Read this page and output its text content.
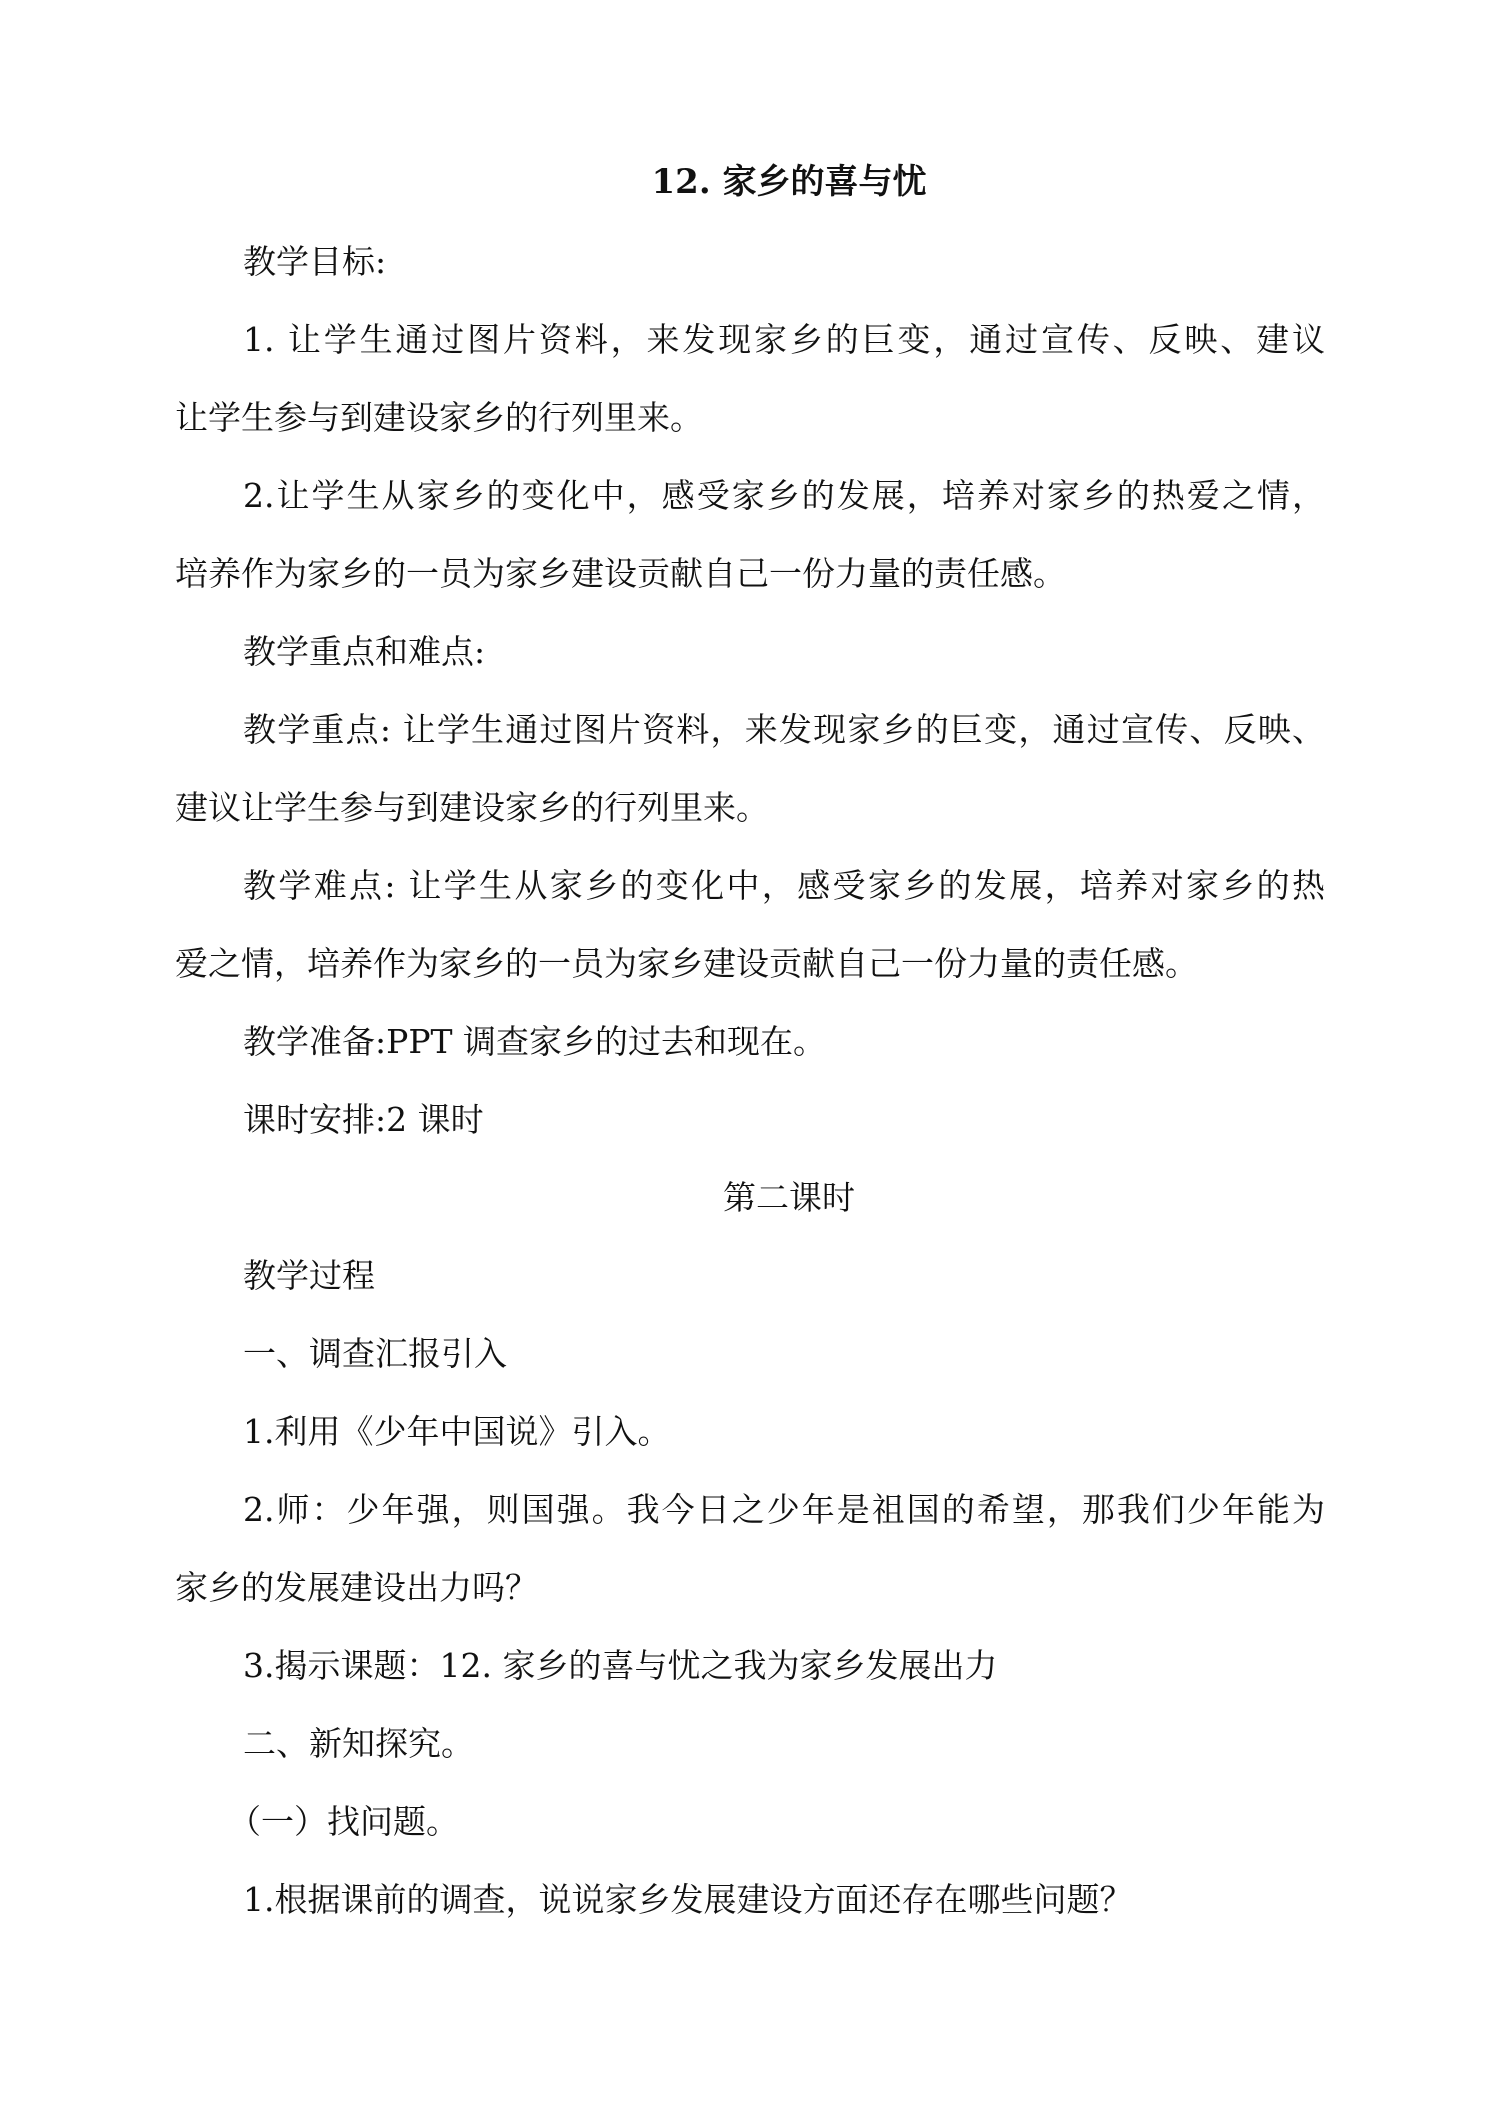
12. 家乡的喜与忧
教学目标:
1. 让学生通过图片资料，来发现家乡的巨变，通过宣传、反映、建议
让学生参与到建设家乡的行列里来。
2.让学生从家乡的变化中，感受家乡的发展，培养对家乡的热爱之情，
培养作为家乡的一员为家乡建设贡献自己一份力量的责任感。
教学重点和难点:
教学重点: 让学生通过图片资料，来发现家乡的巨变，通过宣传、反映、
建议让学生参与到建设家乡的行列里来。
教学难点: 让学生从家乡的变化中，感受家乡的发展，培养对家乡的热
爱之情，培养作为家乡的一员为家乡建设贡献自己一份力量的责任感。
教学准备:PPT 调查家乡的过去和现在。
课时安排:2 课时
第二课时
教学过程
一、调查汇报引入
1.利用《少年中国说》引入。
2.师：少年强，则国强。我今日之少年是祖国的希望，那我们少年能为
家乡的发展建设出力吗？
3.揭示课题：12. 家乡的喜与忧之我为家乡发展出力
二、新知探究。
（一）找问题。
1.根据课前的调查，说说家乡发展建设方面还存在哪些问题？
